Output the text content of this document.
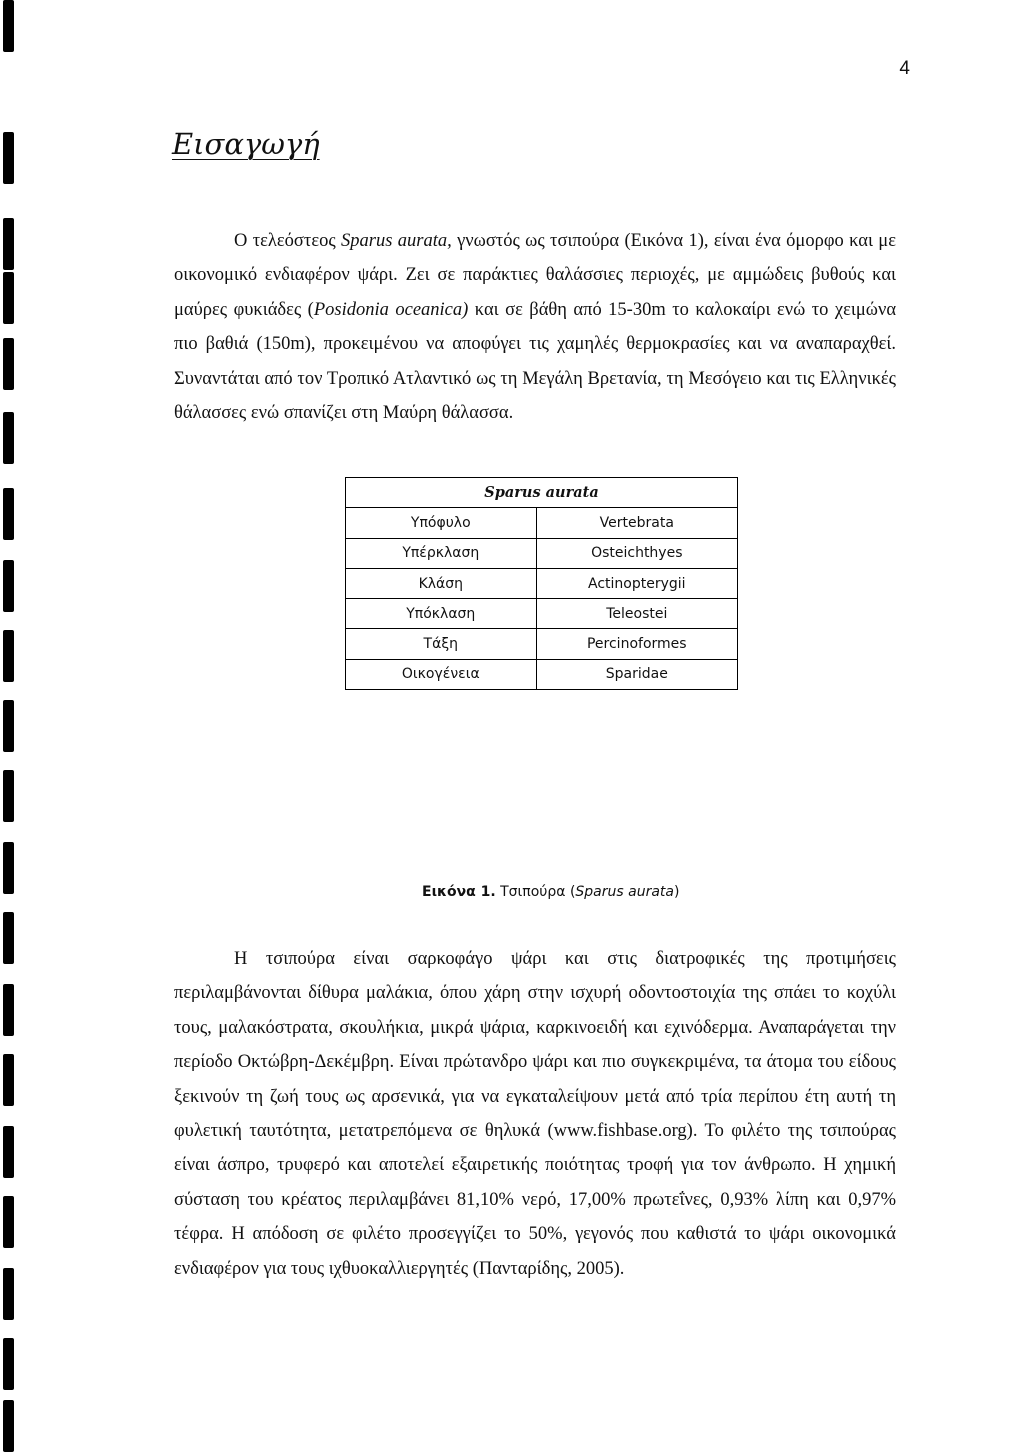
4
Εισαγωγή

Ο τελεόστεος Sparus aurata, γνωστός ως τσιπούρα (Εικόνα 1), είναι ένα όμορφο και με οικονομικό ενδιαφέρον ψάρι. Ζει σε παράκτιες θαλάσσιες περιοχές, με αμμώδεις βυθούς και μαύρες φυκιάδες (Posidonia oceanica) και σε βάθη από 15-30m το καλοκαίρι ενώ το χειμώνα πιο βαθιά (150m), προκειμένου να αποφύγει τις χαμηλές θερμοκρασίες και να αναπαραχθεί. Συναντάται από τον Τροπικό Ατλαντικό ως τη Μεγάλη Βρετανία, τη Μεσόγειο και τις Ελληνικές θάλασσες ενώ σπανίζει στη Μαύρη θάλασσα.

Sparus aurata	
Υπόφυλο	Vertebrata
Υπέρκλαση	Osteichthyes
Κλάση	Actinopterygii
Υπόκλαση	Teleostei
Τάξη	Percinoformes
Οικογένεια	Sparidae
Εικόνα 1. Τσιπούρα (Sparus aurata)

Η τσιπούρα είναι σαρκοφάγο ψάρι και στις διατροφικές της προτιμήσεις περιλαμβάνονται δίθυρα μαλάκια, όπου χάρη στην ισχυρή οδοντοστοιχία της σπάει το κοχύλι τους, μαλακόστρατα, σκουλήκια, μικρά ψάρια, καρκινοειδή και εχινόδερμα. Αναπαράγεται την περίοδο Οκτώβρη-Δεκέμβρη. Είναι πρώτανδρο ψάρι και πιο συγκεκριμένα, τα άτομα του είδους ξεκινούν τη ζωή τους ως αρσενικά, για να εγκαταλείψουν μετά από τρία περίπου έτη αυτή τη φυλετική ταυτότητα, μετατρεπόμενα σε θηλυκά (www.fishbase.org). Το φιλέτο της τσιπούρας είναι άσπρο, τρυφερό και αποτελεί εξαιρετικής ποιότητας τροφή για τον άνθρωπο. Η χημική σύσταση του κρέατος περιλαμβάνει 81,10% νερό, 17,00% πρωτεΐνες, 0,93% λίπη και 0,97% τέφρα. Η απόδοση σε φιλέτο προσεγγίζει το 50%, γεγονός που καθιστά το ψάρι οικονομικά ενδιαφέρον για τους ιχθυοκαλλιεργητές (Πανταρίδης, 2005).
